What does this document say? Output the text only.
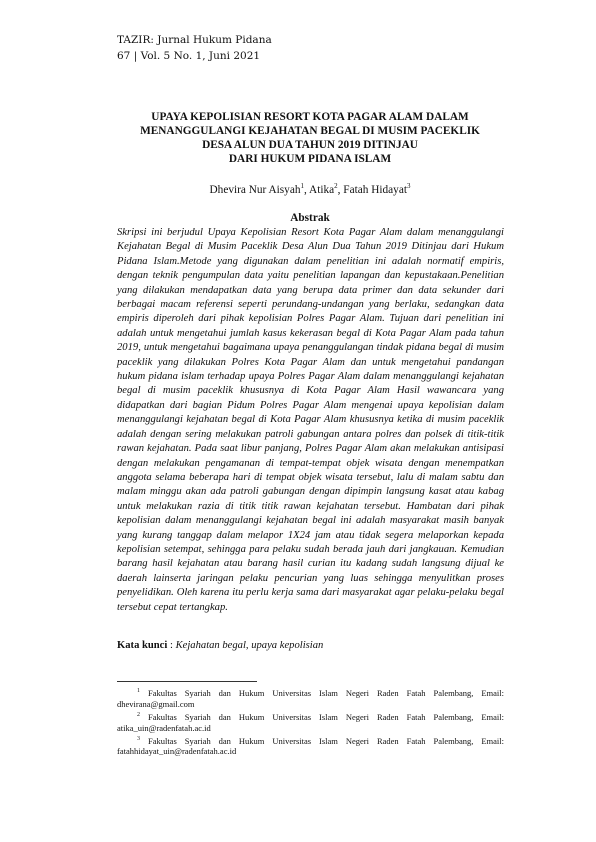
TAZIR: Jurnal Hukum Pidana
67 | Vol. 5 No. 1, Juni 2021
UPAYA KEPOLISIAN RESORT KOTA PAGAR ALAM DALAM
MENANGGULANGI KEJAHATAN BEGAL DI MUSIM PACEKLIK
DESA ALUN DUA TAHUN 2019 DITINJAU
DARI HUKUM PIDANA ISLAM
Dhevira Nur Aisyah$^1$, Atika$^2$, Fatah Hidayat$^3$
Abstrak
Skripsi ini berjudul Upaya Kepolisian Resort Kota Pagar Alam dalam menanggulangi Kejahatan Begal di Musim Paceklik Desa Alun Dua Tahun 2019 Ditinjau dari Hukum Pidana Islam.Metode yang digunakan dalam penelitian ini adalah normatif empiris, dengan teknik pengumpulan data yaitu penelitian lapangan dan kepustakaan.Penelitian yang dilakukan mendapatkan data yang berupa data primer dan data sekunder dari berbagai macam referensi seperti perundang-undangan yang berlaku, sedangkan data empiris diperoleh dari pihak kepolisian Polres Pagar Alam. Tujuan dari penelitian ini adalah untuk mengetahui jumlah kasus kekerasan begal di Kota Pagar Alam pada tahun 2019, untuk mengetahui bagaimana upaya penanggulangan tindak pidana begal di musim paceklik yang dilakukan Polres Kota Pagar Alam dan untuk mengetahui pandangan hukum pidana islam terhadap upaya Polres Pagar Alam dalam menanggulangi kejahatan begal di musim paceklik khususnya di Kota Pagar Alam Hasil wawancara yang didapatkan dari bagian Pidum Polres Pagar Alam mengenai upaya kepolisian dalam menanggulangi kejahatan begal di Kota Pagar Alam khususnya ketika di musim paceklik adalah dengan sering melakukan patroli gabungan antara polres dan polsek di titik-titik rawan kejahatan. Pada saat libur panjang, Polres Pagar Alam akan melakukan antisipasi dengan melakukan pengamanan di tempat-tempat objek wisata dengan menempatkan anggota selama beberapa hari di tempat objek wisata tersebut, lalu di malam sabtu dan malam minggu akan ada patroli gabungan dengan dipimpin langsung kasat atau kabag untuk melakukan razia di titik titik rawan kejahatan tersebut. Hambatan dari pihak kepolisian dalam menanggulangi kejahatan begal ini adalah masyarakat masih banyak yang kurang tanggap dalam melapor 1X24 jam atau tidak segera melaporkan kepada kepolisian setempat, sehingga para pelaku sudah berada jauh dari jangkauan. Kemudian barang hasil kejahatan atau barang hasil curian itu kadang sudah langsung dijual ke daerah lainserta jaringan pelaku pencurian yang luas sehingga menyulitkan proses penyelidikan. Oleh karena itu perlu kerja sama dari masyarakat agar pelaku-pelaku begal tersebut cepat tertangkap.
Kata kunci : Kejahatan begal, upaya kepolisian

$^1$ Fakultas Syariah dan Hukum Universitas Islam Negeri Raden Fatah Palembang, Email: dhevirana@gmail.com

$^2$ Fakultas Syariah dan Hukum Universitas Islam Negeri Raden Fatah Palembang, Email: atika_uin@radenfatah.ac.id

$^3$ Fakultas Syariah dan Hukum Universitas Islam Negeri Raden Fatah Palembang, Email: fatahhidayat_uin@radenfatah.ac.id
